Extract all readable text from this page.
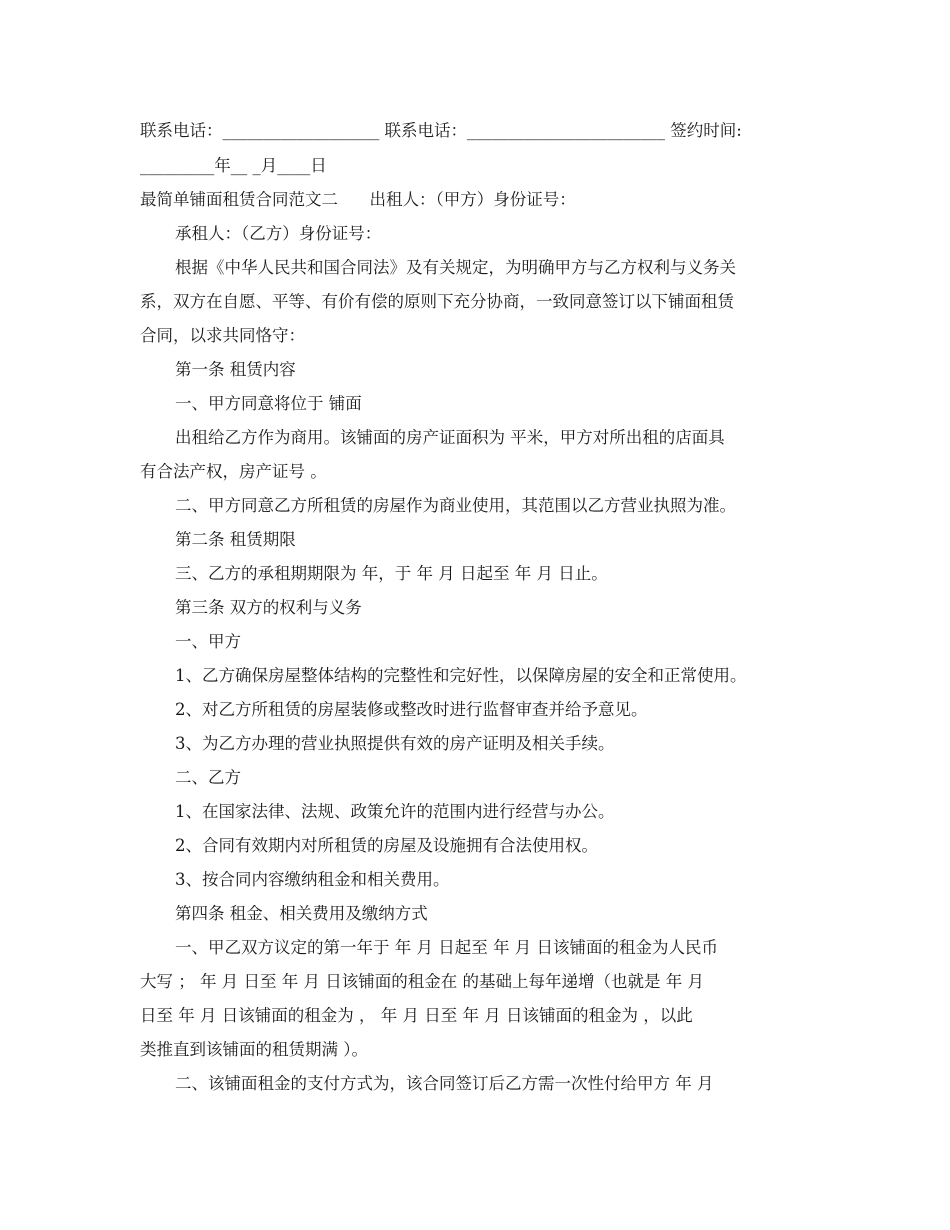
联系电话：___________________ 联系电话：________________________ 签约时间:
_________年__ _月____日
最简单铺面租赁合同范文二      出租人：（甲方）身份证号：
承租人：（乙方）身份证号：
根据《中华人民共和国合同法》及有关规定，为明确甲方与乙方权利与义务关
系，双方在自愿、平等、有价有偿的原则下充分协商，一致同意签订以下铺面租赁
合同，以求共同恪守：
第一条 租赁内容
一、甲方同意将位于 铺面
出租给乙方作为商用。该铺面的房产证面积为 平米，甲方对所出租的店面具
有合法产权，房产证号 。
二、甲方同意乙方所租赁的房屋作为商业使用，其范围以乙方营业执照为准。
第二条 租赁期限
三、乙方的承租期期限为 年，于 年 月 日起至 年 月 日止。
第三条 双方的权利与义务
一、甲方
1、乙方确保房屋整体结构的完整性和完好性，以保障房屋的安全和正常使用。
2、对乙方所租赁的房屋装修或整改时进行监督审查并给予意见。
3、为乙方办理的营业执照提供有效的房产证明及相关手续。
二、乙方
1、在国家法律、法规、政策允许的范围内进行经营与办公。
2、合同有效期内对所租赁的房屋及设施拥有合法使用权。
3、按合同内容缴纳租金和相关费用。
第四条 租金、相关费用及缴纳方式
一、甲乙双方议定的第一年于 年 月 日起至 年 月 日该铺面的租金为人民币
大写 ； 年 月 日至 年 月 日该铺面的租金在 的基础上每年递增（也就是 年 月
日至 年 月 日该铺面的租金为 ， 年 月 日至 年 月 日该铺面的租金为 ，以此
类推直到该铺面的租赁期满 ）。
二、该铺面租金的支付方式为，该合同签订后乙方需一次性付给甲方 年 月
